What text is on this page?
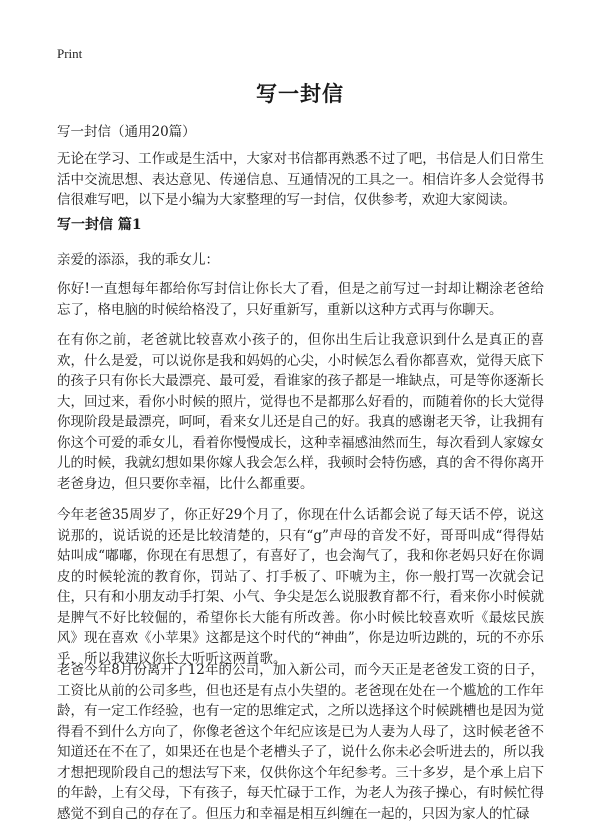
Print
写一封信
写一封信（通用20篇）

无论在学习、工作或是生活中，大家对书信都再熟悉不过了吧，书信是人们日常生活中交流思想、表达意见、传递信息、互通情况的工具之一。相信许多人会觉得书信很难写吧，以下是小编为大家整理的写一封信，仅供参考，欢迎大家阅读。

写一封信 篇1
亲爱的添添，我的乖女儿：

你好!一直想每年都给你写封信让你长大了看，但是之前写过一封却让糊涂老爸给忘了，格电脑的时候给格没了，只好重新写，重新以这种方式再与你聊天。

在有你之前，老爸就比较喜欢小孩子的，但你出生后让我意识到什么是真正的喜欢，什么是爱，可以说你是我和妈妈的心尖，小时候怎么看你都喜欢，觉得天底下的孩子只有你长大最漂亮、最可爱，看谁家的孩子都是一堆缺点，可是等你逐渐长大，回过来，看你小时候的照片，觉得也不是都那么好看的，而随着你的长大觉得你现阶段是最漂亮，呵呵，看来女儿还是自己的好。我真的感谢老天爷，让我拥有你这个可爱的乖女儿，看着你慢慢成长，这种幸福感油然而生，每次看到人家嫁女儿的时候，我就幻想如果你嫁人我会怎么样，我顿时会特伤感，真的舍不得你离开老爸身边，但只要你幸福，比什么都重要。

今年老爸35周岁了，你正好29个月了，你现在什么话都会说了每天话不停，说这说那的，说话说的还是比较清楚的，只有“g”声母的音发不好，哥哥叫成“得得姑姑叫成“嘟嘟，你现在有思想了，有喜好了，也会淘气了，我和你老妈只好在你调皮的时候轮流的教育你，罚站了、打手板了、吓唬为主，你一般打骂一次就会记住，只有和小朋友动手打架、小气、争尖是怎么说服教育都不行，看来你小时候就是脾气不好比较倔的，希望你长大能有所改善。你小时候比较喜欢听《最炫民族风》现在喜欢《小苹果》这都是这个时代的“神曲”，你是边听边跳的，玩的不亦乐乎，所以我建议你长大听听这两首歌。

老爸今年8月份离开了12年的公司，加入新公司，而今天正是老爸发工资的日子，工资比从前的公司多些，但也还是有点小失望的。老爸现在处在一个尴尬的工作年龄，有一定工作经验，也有一定的思维定式，之所以选择这个时候跳槽也是因为觉得看不到什么方向了，你像老爸这个年纪应该是已为人妻为人母了，这时候老爸不知道还在不在了，如果还在也是个老槽头子了，说什么你未必会听进去的，所以我才想把现阶段自己的想法写下来，仅供你这个年纪参考。三十多岁，是个承上启下的年龄，上有父母，下有孩子，每天忙碌于工作，为老人为孩子操心，有时候忙得感觉不到自己的存在了。但压力和幸福是相互纠缠在一起的，只因为家人的忙碌
